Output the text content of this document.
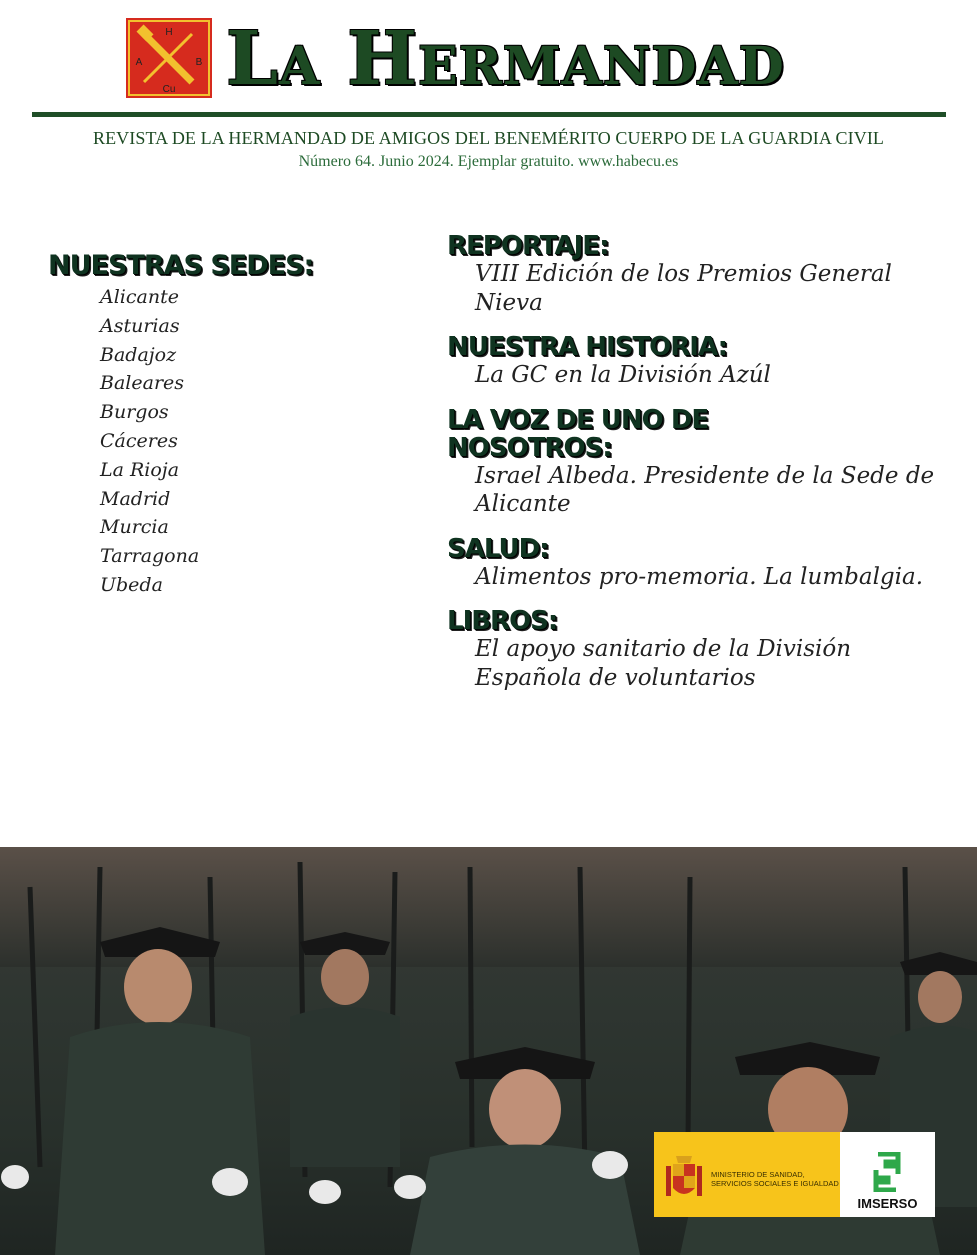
H
A	B
Cu La Hermandad
REVISTA DE LA HERMANDAD DE AMIGOS DEL BENEMÉRITO CUERPO DE LA GUARDIA CIVIL
Número 64. Junio 2024. Ejemplar gratuito. www.habecu.es
NUESTRAS SEDES:
Alicante
Asturias
Badajoz
Baleares
Burgos
Cáceres
La Rioja
Madrid
Murcia
Tarragona
Ubeda
REPORTAJE:
VIII Edición de los Premios General Nieva
NUESTRA HISTORIA:
La GC en la División Azúl
LA VOZ DE UNO DE NOSOTROS:
Israel Albeda. Presidente de la Sede de Alicante
SALUD:
Alimentos pro-memoria. La lumbalgia.
LIBROS:
El apoyo sanitario de la División Española de voluntarios
MINISTERIO DE SANIDAD, SERVICIOS SOCIALES E IGUALDAD
IMSERSO
